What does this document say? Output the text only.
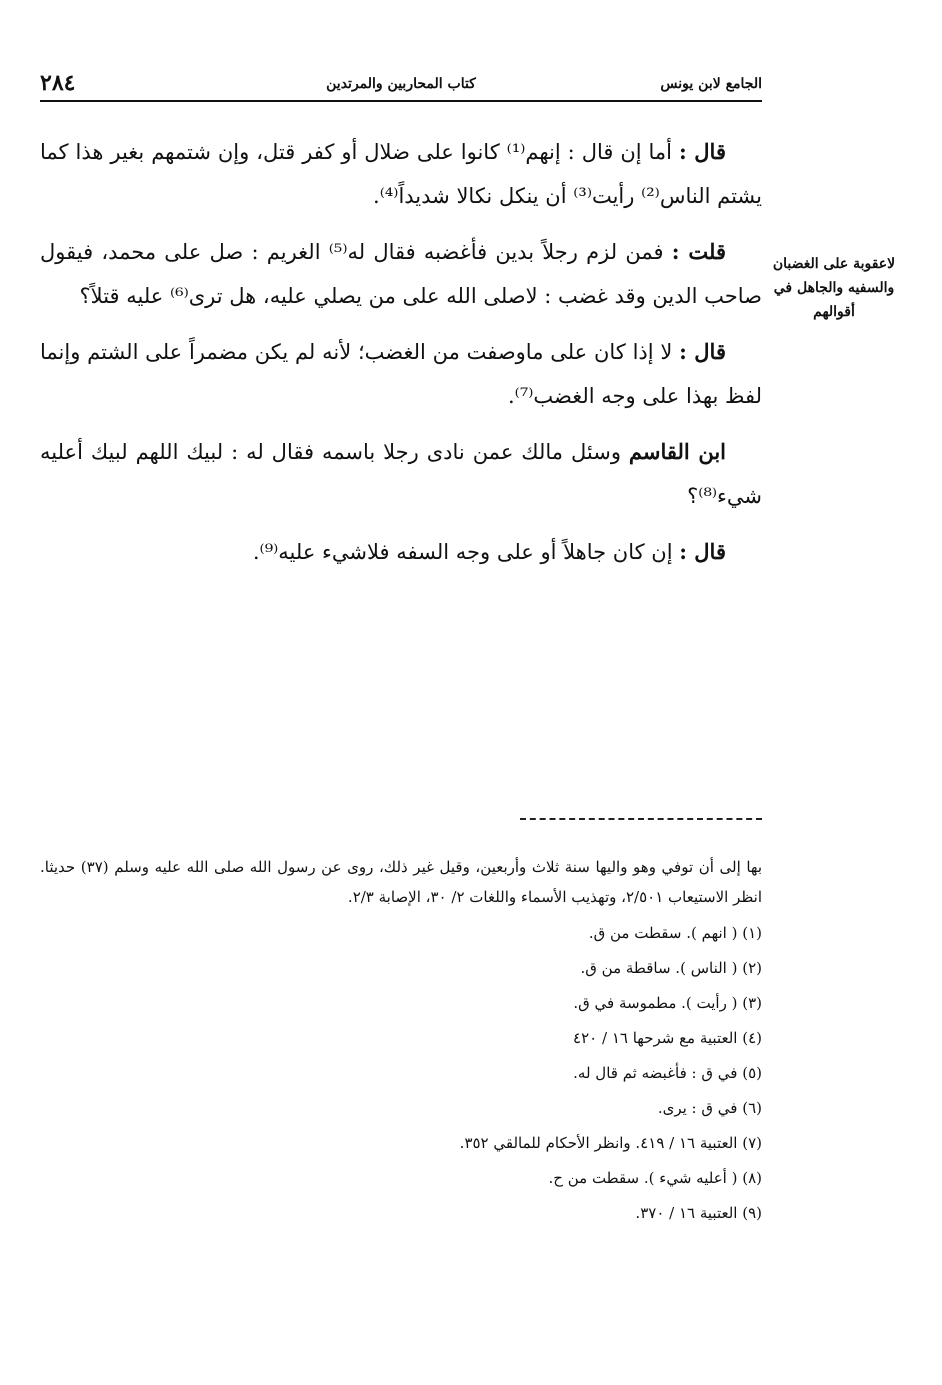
الجامع لابن يونس
كتاب المحاربين والمرتدين
٢٨٤
لاعقوبة على الغضبان والسفيه والجاهل في أقوالهم

قال : أما إن قال : إنهم⁽¹⁾ كانوا على ضلال أو كفر قتل، وإن شتمهم بغير هذا كما يشتم الناس⁽²⁾ رأيت⁽³⁾ أن ينكل نكالا شديداً⁽⁴⁾.

قلت : فمن لزم رجلاً بدين فأغضبه فقال له⁽⁵⁾ الغريم : صل على محمد، فيقول صاحب الدين وقد غضب : لاصلى الله على من يصلي عليه، هل ترى⁽⁶⁾ عليه قتلاً؟

قال : لا إذا كان على ماوصفت من الغضب؛ لأنه لم يكن مضمراً على الشتم وإنما لفظ بهذا على وجه الغضب⁽⁷⁾.

ابن القاسم وسئل مالك عمن نادى رجلا باسمه فقال له : لبيك اللهم لبيك أعليه شيء⁽⁸⁾؟

قال : إن كان جاهلاً أو على وجه السفه فلاشيء عليه⁽⁹⁾.

بها إلى أن توفي وهو واليها سنة ثلاث وأربعين، وقيل غير ذلك، روى عن رسول الله صلى الله عليه وسلم (٣٧) حديثا. انظر الاستيعاب ٢/٥٠١، وتهذيب الأسماء واللغات ٢/ ٣٠، الإصابة ٢/٣.

(١) ( انهم ). سقطت من ق.
(٢) ( الناس ). ساقطة من ق.
(٣) ( رأيت ). مطموسة في ق.
(٤) العتبية مع شرحها ١٦ / ٤٢٠
(٥) في ق : فأغبضه ثم قال له.
(٦) في ق : يرى.
(٧) العتبية ١٦ / ٤١٩. وانظر الأحكام للمالقي ٣٥٢.
(٨) ( أعليه شيء ). سقطت من ح.
(٩) العتبية ١٦ / ٣٧٠.
